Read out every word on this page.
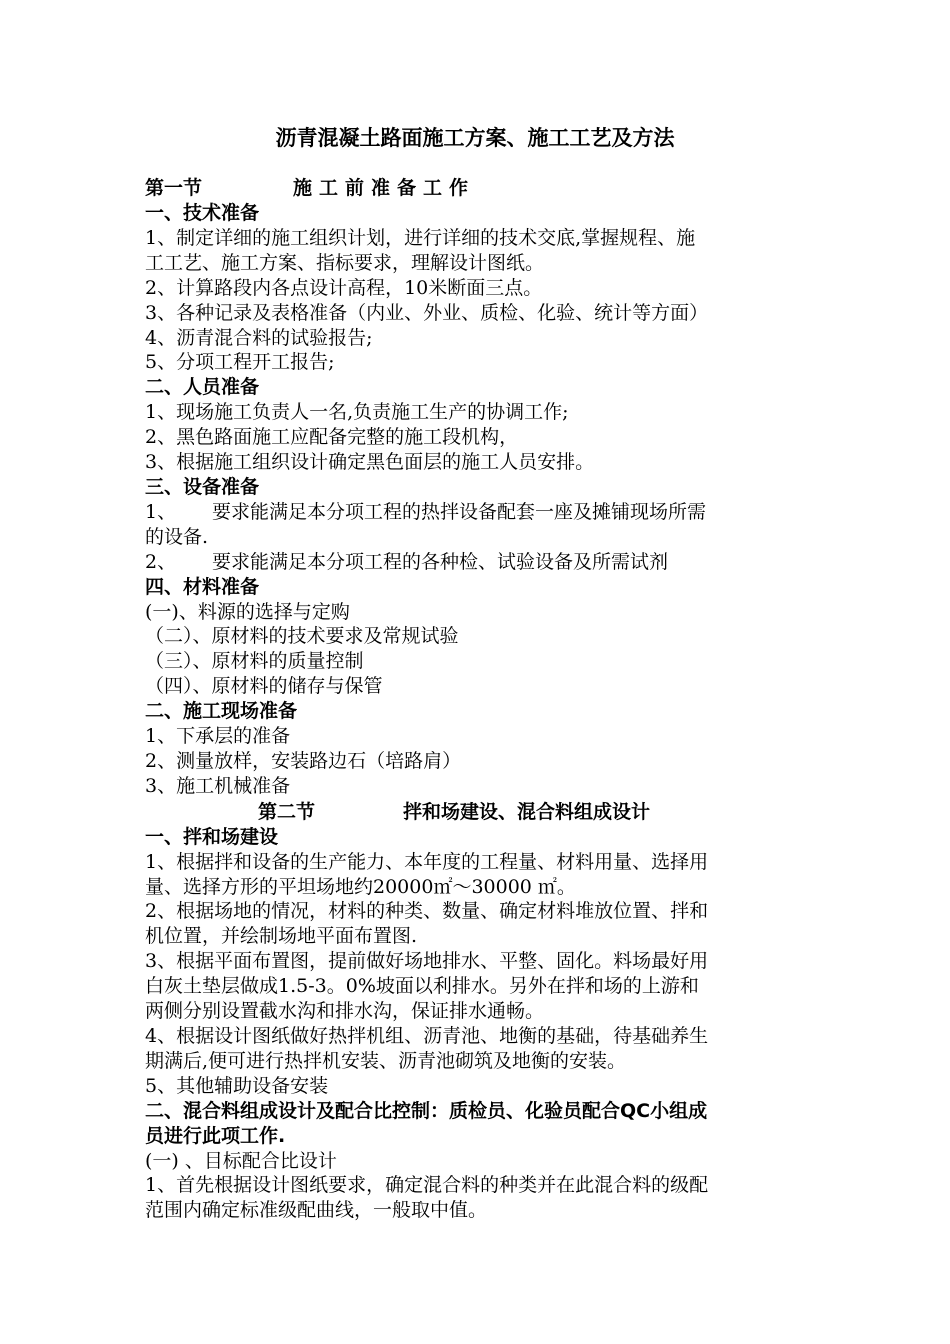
沥青混凝土路面施工方案、施工工艺及方法
第一节	施工前准备工作

一、技术准备

1、制定详细的施工组织计划，进行详细的技术交底,掌握规程、施

工工艺、施工方案、指标要求，理解设计图纸。

2、计算路段内各点设计高程，10米断面三点。

3、各种记录及表格准备（内业、外业、质检、化验、统计等方面）

4、沥青混合料的试验报告;

5、分项工程开工报告;

二、人员准备

1、现场施工负责人一名,负责施工生产的协调工作;

2、黑色路面施工应配备完整的施工段机构，

3、根据施工组织设计确定黑色面层的施工人员安排。

三、设备准备

1、 要求能满足本分项工程的热拌设备配套一座及摊铺现场所需

的设备.

2、 要求能满足本分项工程的各种检、试验设备及所需试剂

四、材料准备

(一)、料源的选择与定购

（二）、原材料的技术要求及常规试验

（三）、原材料的质量控制

（四）、原材料的储存与保管

二、施工现场准备

1、下承层的准备

2、测量放样，安装路边石（培路肩）

3、施工机械准备

第二节	拌和场建设、混合料组成设计

一、拌和场建设

1、根据拌和设备的生产能力、本年度的工程量、材料用量、选择用

量、选择方形的平坦场地约20000㎡～30000 ㎡。

2、根据场地的情况，材料的种类、数量、确定材料堆放位置、拌和

机位置，并绘制场地平面布置图.

3、根据平面布置图，提前做好场地排水、平整、固化。料场最好用

白灰土垫层做成1.5-3。0%坡面以利排水。另外在拌和场的上游和

两侧分别设置截水沟和排水沟，保证排水通畅。

4、根据设计图纸做好热拌机组、沥青池、地衡的基础，待基础养生

期满后,便可进行热拌机安装、沥青池砌筑及地衡的安装。

5、其他辅助设备安装

二、混合料组成设计及配合比控制：质检员、化验员配合QC小组成

员进行此项工作.

(一) 、目标配合比设计

1、首先根据设计图纸要求，确定混合料的种类并在此混合料的级配

范围内确定标准级配曲线，一般取中值。
